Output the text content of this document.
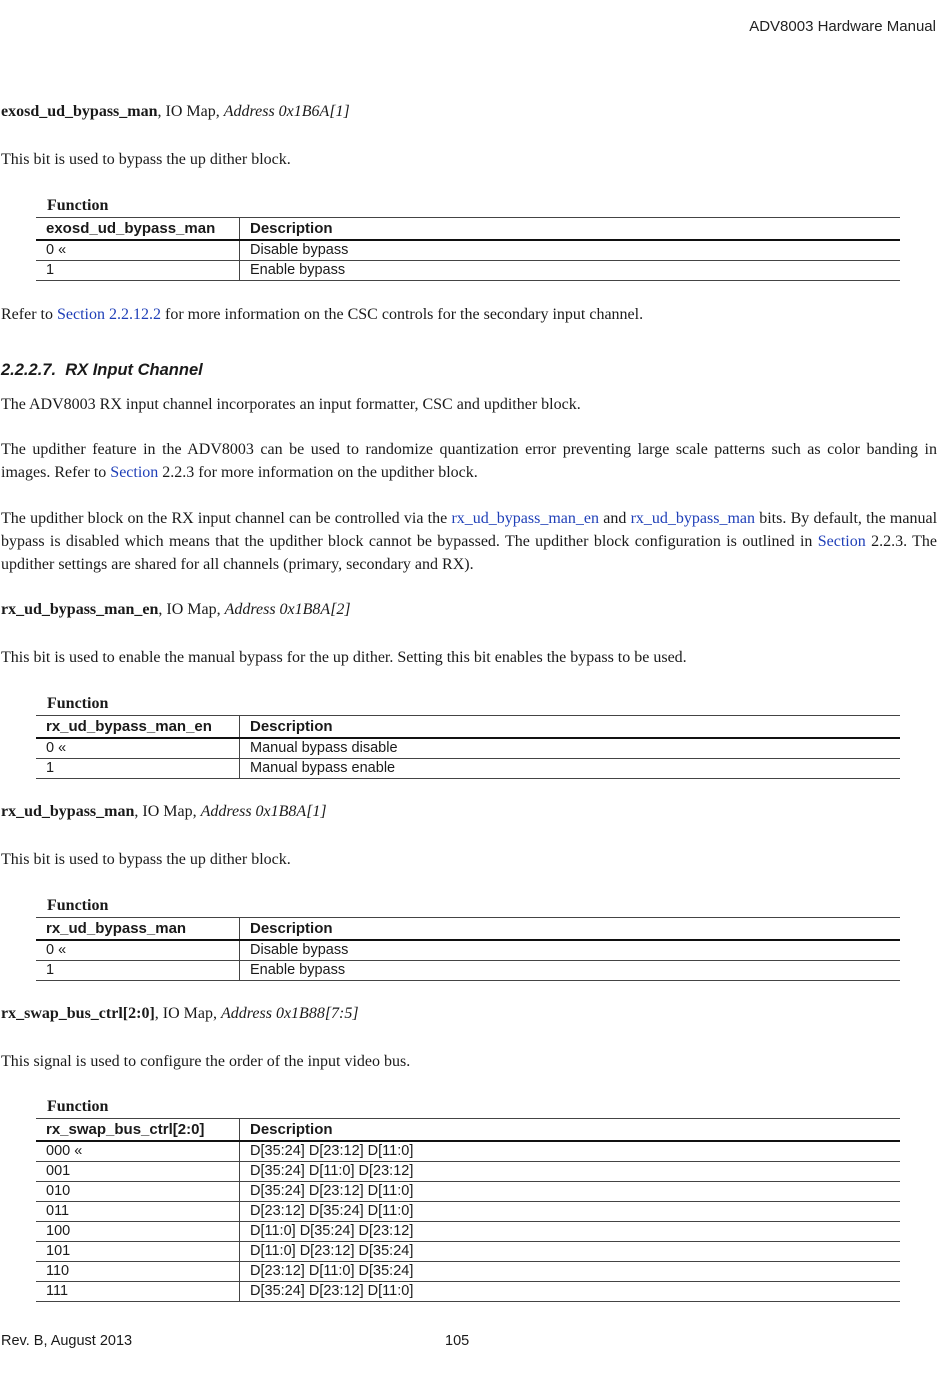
ADV8003 Hardware Manual
exosd_ud_bypass_man, IO Map, Address 0x1B6A[1]
This bit is used to bypass the up dither block.
Function
exosd_ud_bypass_man	Description
0 «	Disable bypass
1	Enable bypass
Refer to Section 2.2.12.2 for more information on the CSC controls for the secondary input channel.
2.2.2.7. RX Input Channel
The ADV8003 RX input channel incorporates an input formatter, CSC and updither block.
The updither feature in the ADV8003 can be used to randomize quantization error preventing large scale patterns such as color banding in images. Refer to Section 2.2.3 for more information on the updither block.
The updither block on the RX input channel can be controlled via the rx_ud_bypass_man_en and rx_ud_bypass_man bits. By default, the manual bypass is disabled which means that the updither block cannot be bypassed. The updither block configuration is outlined in Section 2.2.3. The updither settings are shared for all channels (primary, secondary and RX).
rx_ud_bypass_man_en, IO Map, Address 0x1B8A[2]
This bit is used to enable the manual bypass for the up dither. Setting this bit enables the bypass to be used.
Function
rx_ud_bypass_man_en	Description
0 «	Manual bypass disable
1	Manual bypass enable
rx_ud_bypass_man, IO Map, Address 0x1B8A[1]
This bit is used to bypass the up dither block.
Function
rx_ud_bypass_man	Description
0 «	Disable bypass
1	Enable bypass
rx_swap_bus_ctrl[2:0], IO Map, Address 0x1B88[7:5]
This signal is used to configure the order of the input video bus.
Function
rx_swap_bus_ctrl[2:0]	Description
000 «	D[35:24] D[23:12] D[11:0]
001	D[35:24] D[11:0] D[23:12]
010	D[35:24] D[23:12] D[11:0]
011	D[23:12] D[35:24] D[11:0]
100	D[11:0] D[35:24] D[23:12]
101	D[11:0] D[23:12] D[35:24]
110	D[23:12] D[11:0] D[35:24]
111	D[35:24] D[23:12] D[11:0]
Rev. B, August 2013	105
